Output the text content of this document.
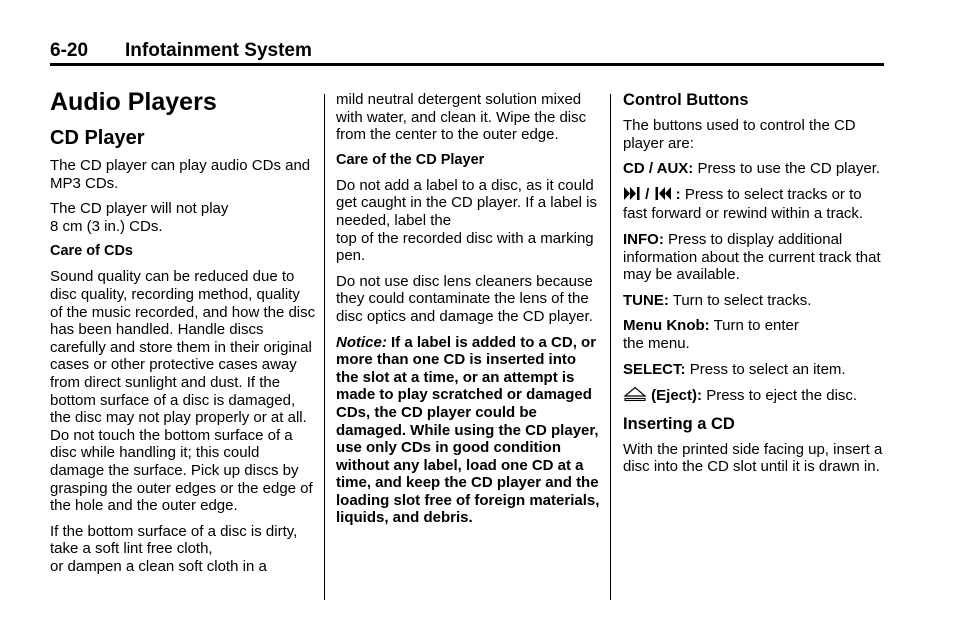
6-20 Infotainment System
Audio Players
CD Player

The CD player can play audio CDs and MP3 CDs.

The CD player will not play
8 cm (3 in.) CDs.

Care of CDs

Sound quality can be reduced due to disc quality, recording method, quality of the music recorded, and how the disc has been handled. Handle discs carefully and store them in their original cases or other protective cases away from direct sunlight and dust. If the bottom surface of a disc is damaged, the disc may not play properly or at all. Do not touch the bottom surface of a disc while handling it; this could damage the surface. Pick up discs by grasping the outer edges or the edge of the hole and the outer edge.

If the bottom surface of a disc is dirty, take a soft lint free cloth,
or dampen a clean soft cloth in a

mild neutral detergent solution mixed with water, and clean it. Wipe the disc from the center to the outer edge.

Care of the CD Player

Do not add a label to a disc, as it could get caught in the CD player. If a label is needed, label the
top of the recorded disc with a marking pen.

Do not use disc lens cleaners because they could contaminate the lens of the disc optics and damage the CD player.

Notice: If a label is added to a CD, or more than one CD is inserted into the slot at a time, or an attempt is made to play scratched or damaged CDs, the CD player could be damaged. While using the CD player, use only CDs in good condition without any label, load one CD at a time, and keep the CD player and the loading slot free of foreign materials, liquids, and debris.

Control Buttons

The buttons used to control the CD player are:

CD / AUX: Press to use the CD player.

/  : Press to select tracks or to fast forward or rewind within a track.

INFO: Press to display additional information about the current track that may be available.

TUNE: Turn to select tracks.

Menu Knob: Turn to enter
the menu.

SELECT: Press to select an item.

(Eject): Press to eject the disc.

Inserting a CD

With the printed side facing up, insert a disc into the CD slot until it is drawn in.
